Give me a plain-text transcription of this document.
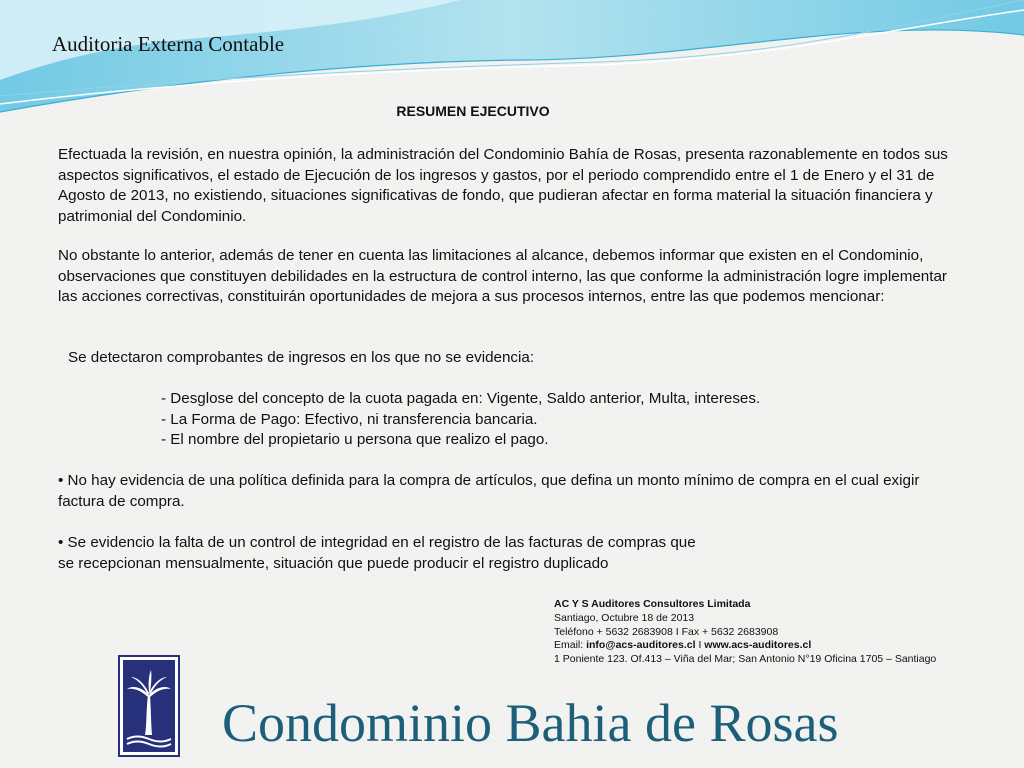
Auditoria Externa Contable
RESUMEN EJECUTIVO
Efectuada la revisión, en nuestra opinión, la administración del Condominio Bahía de Rosas, presenta razonablemente en todos sus aspectos significativos, el estado de Ejecución de los ingresos y gastos, por el periodo comprendido entre el 1 de Enero y el 31 de Agosto de 2013, no existiendo, situaciones significativas de fondo, que pudieran afectar en forma material la situación financiera y patrimonial del Condominio.
No obstante lo anterior, además de tener en cuenta las limitaciones al alcance, debemos informar que existen en el Condominio, observaciones que constituyen debilidades en la estructura de control interno, las que conforme la administración logre implementar las acciones correctivas, constituirán oportunidades de mejora a sus procesos internos, entre las que podemos mencionar:
Se detectaron comprobantes de ingresos en los que no se evidencia:
- Desglose del concepto de la cuota pagada en: Vigente, Saldo anterior, Multa, intereses.
- La Forma de Pago: Efectivo, ni transferencia bancaria.
- El nombre del propietario u persona que realizo el pago.
• No hay evidencia de una política definida para la compra de artículos, que defina un monto mínimo de compra en el cual exigir factura de compra.
• Se evidencio la falta de un control de integridad en el registro de las facturas de compras que se recepcionan mensualmente, situación que puede producir el registro duplicado
AC Y S Auditores Consultores Limitada
Santiago, Octubre 18 de 2013
Teléfono + 5632 2683908 I Fax + 5632 2683908
Email: info@acs-auditores.cl I www.acs-auditores.cl
1 Poniente 123. Of.413 – Viña del Mar; San Antonio N°19 Oficina 1705 – Santiago
Condominio Bahia de Rosas
